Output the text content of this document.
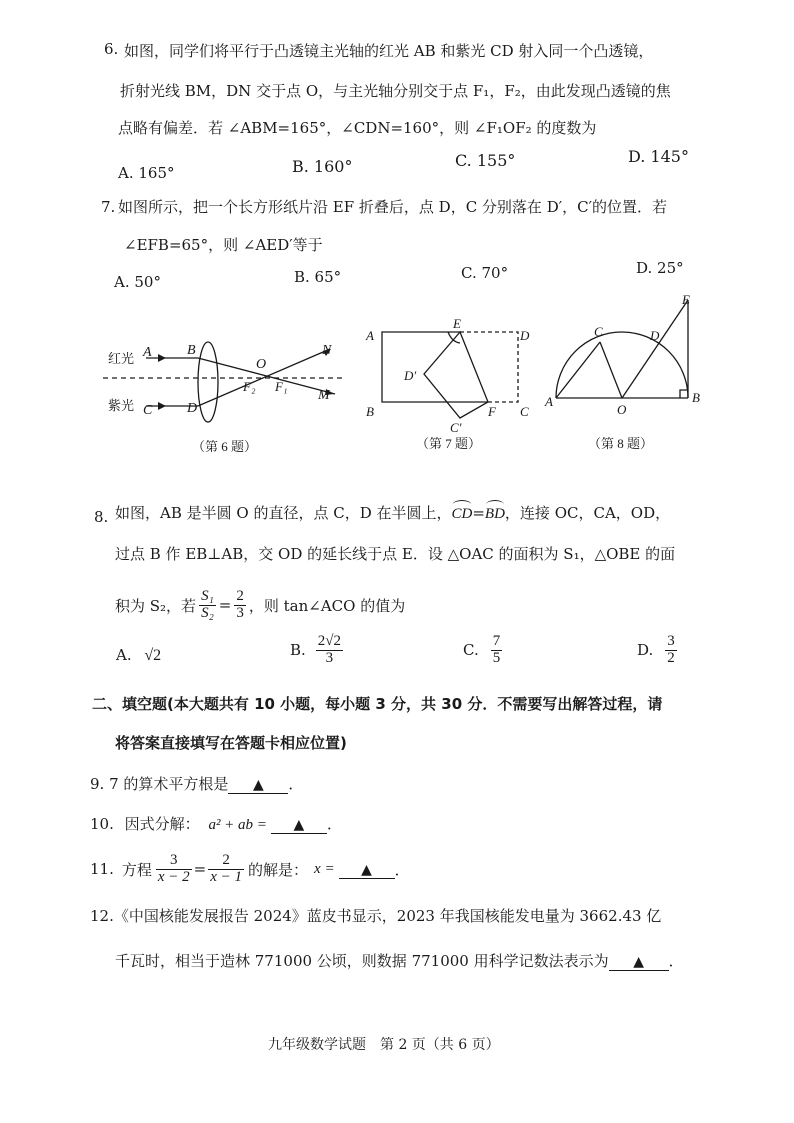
6. 如图，同学们将平行于凸透镜主光轴的红光 AB 和紫光 CD 射入同一个凸透镜，
折射光线 BM，DN 交于点 O，与主光轴分别交于点 F₁，F₂，由此发现凸透镜的焦
点略有偏差．若 ∠ABM=165°，∠CDN=160°，则 ∠F₁OF₂ 的度数为
A. 165°	B. 160°	C. 155°	D. 145°
7. 如图所示，把一个长方形纸片沿 EF 折叠后，点 D，C 分别落在 D′，C′的位置．若
∠EFB=65°，则 ∠AED′等于
A. 50°	B. 65°	C. 70°	D. 25°
红光
紫光
A	B
O
N
F₂ F₁
C D
M
（第 6 题）
A
E
D
D′
B	F C
C′
（第 7 题）
E
C	D
A
O
B
（第 8 题）
8. 如图，AB 是半圆 O 的直径，点 C，D 在半圆上，CD=BD，连接 OC，CA，OD，
过点 B 作 EB⊥AB，交 OD 的延长线于点 E．设 △OAC 的面积为 S₁，△OBE 的面
积为 S₂，若 $\frac{\text{S₁}}{\text{S₂}} = \frac{2}{3}$ ，则 tan∠ACO 的值为
A. √2	B. $\frac{2√2}{3}$	C. $\frac{7}{5}$	D. $\frac{3}{2}$
二、填空题(本大题共有 10 小题，每小题 3 分，共 30 分．不需要写出解答过程，请
将答案直接填写在答题卡相应位置)
9. 7 的算术平方根是 ▲ ．
10. 因式分解： a² + ab = ▲ ．
11. 方程 $\frac{3}{x - 2} = \frac{2}{x - 1}$ 的解是： x =	▲	．
12.《中国核能发展报告 2024》蓝皮书显示，2023 年我国核能发电量为 3662.43 亿
千瓦时，相当于造林 771000 公顷，则数据 771000 用科学记数法表示为 ▲ ．
九年级数学试题　第 2 页（共 6 页）
